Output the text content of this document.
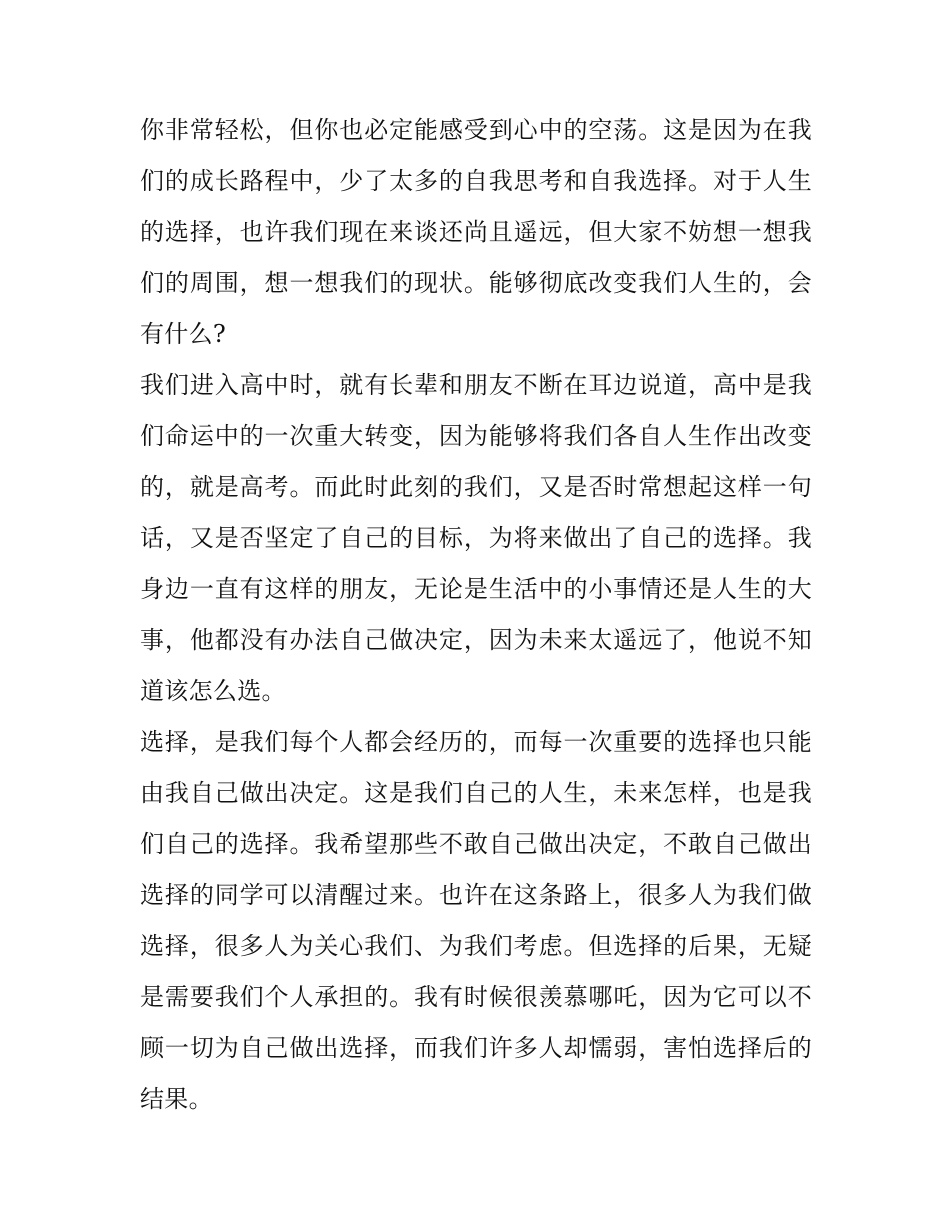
你非常轻松，但你也必定能感受到心中的空荡。这是因为在我
们的成长路程中，少了太多的自我思考和自我选择。对于人生
的选择，也许我们现在来谈还尚且遥远，但大家不妨想一想我
们的周围，想一想我们的现状。能够彻底改变我们人生的，会
有什么?
我们进入高中时，就有长辈和朋友不断在耳边说道，高中是我
们命运中的一次重大转变，因为能够将我们各自人生作出改变
的，就是高考。而此时此刻的我们，又是否时常想起这样一句
话，又是否坚定了自己的目标，为将来做出了自己的选择。我
身边一直有这样的朋友，无论是生活中的小事情还是人生的大
事，他都没有办法自己做决定，因为未来太遥远了，他说不知
道该怎么选。
选择，是我们每个人都会经历的，而每一次重要的选择也只能
由我自己做出决定。这是我们自己的人生，未来怎样，也是我
们自己的选择。我希望那些不敢自己做出决定，不敢自己做出
选择的同学可以清醒过来。也许在这条路上，很多人为我们做
选择，很多人为关心我们、为我们考虑。但选择的后果，无疑
是需要我们个人承担的。我有时候很羡慕哪吒，因为它可以不
顾一切为自己做出选择，而我们许多人却懦弱，害怕选择后的
结果。
